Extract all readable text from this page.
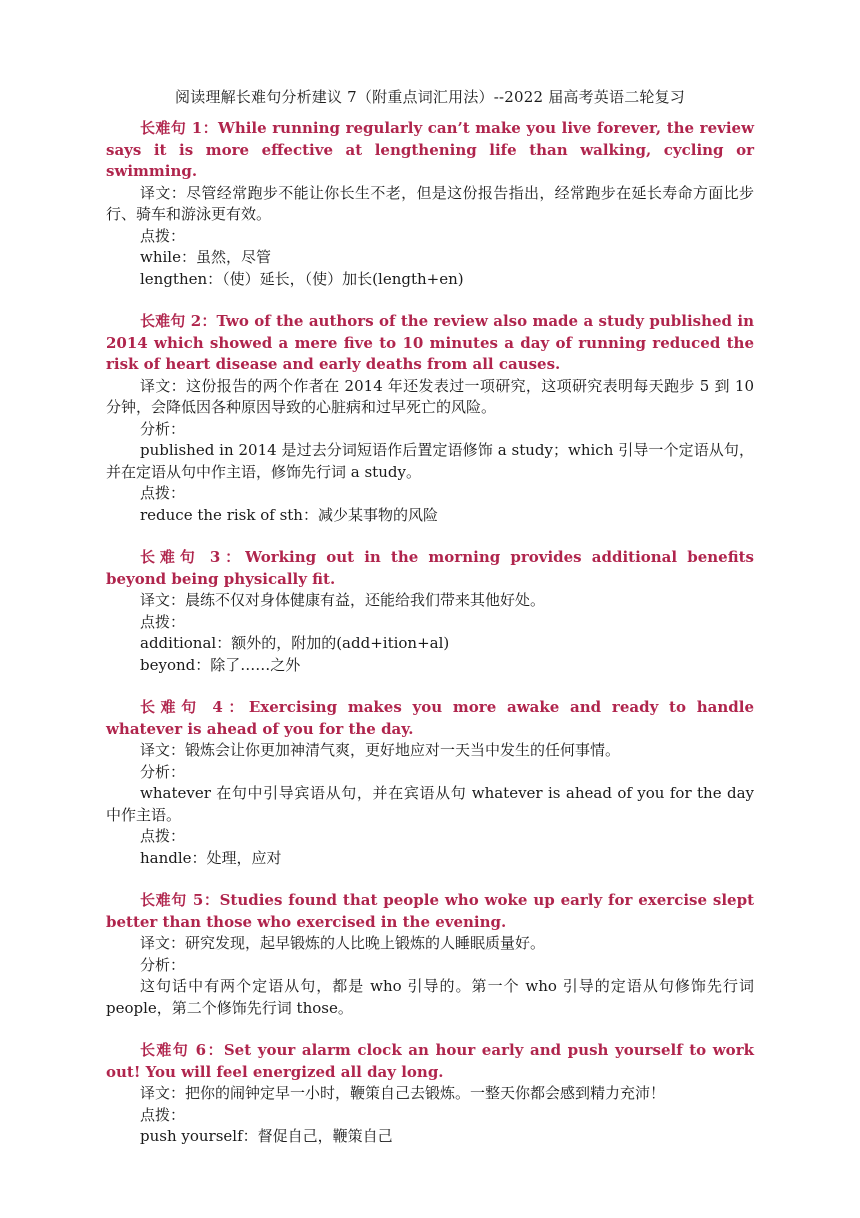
阅读理解长难句分析建议 7（附重点词汇用法）--2022 届高考英语二轮复习

长难句 1：While running regularly can’t make you live forever, the review says it is more effective at lengthening life than walking, cycling or swimming.

译文：尽管经常跑步不能让你长生不老，但是这份报告指出，经常跑步在延长寿命方面比步行、骑车和游泳更有效。

点拨：

while：虽然，尽管

lengthen：（使）延长，（使）加长(length+en)

长难句 2：Two of the authors of the review also made a study published in 2014 which showed a mere five to 10 minutes a day of running reduced the risk of heart disease and early deaths from all causes.

译文：这份报告的两个作者在 2014 年还发表过一项研究，这项研究表明每天跑步 5 到 10 分钟，会降低因各种原因导致的心脏病和过早死亡的风险。

分析：

published in 2014 是过去分词短语作后置定语修饰 a study；which 引导一个定语从句，并在定语从句中作主语，修饰先行词 a study。

点拨：

reduce the risk of sth：减少某事物的风险

长难句 3：Working out in the morning provides additional benefits beyond being physically fit.

译文：晨练不仅对身体健康有益，还能给我们带来其他好处。

点拨：

additional：额外的，附加的(add+ition+al)

beyond：除了……之外

长难句 4：Exercising makes you more awake and ready to handle whatever is ahead of you for the day.

译文：锻炼会让你更加神清气爽，更好地应对一天当中发生的任何事情。

分析：

whatever 在句中引导宾语从句，并在宾语从句 whatever is ahead of you for the day 中作主语。

点拨：

handle：处理，应对

长难句 5：Studies found that people who woke up early for exercise slept better than those who exercised in the evening.

译文：研究发现，起早锻炼的人比晚上锻炼的人睡眠质量好。

分析：

这句话中有两个定语从句，都是 who 引导的。第一个 who 引导的定语从句修饰先行词 people，第二个修饰先行词 those。

长难句 6：Set your alarm clock an hour early and push yourself to work out! You will feel energized all day long.

译文：把你的闹钟定早一小时，鞭策自己去锻炼。一整天你都会感到精力充沛！

点拨：

push yourself：督促自己，鞭策自己
